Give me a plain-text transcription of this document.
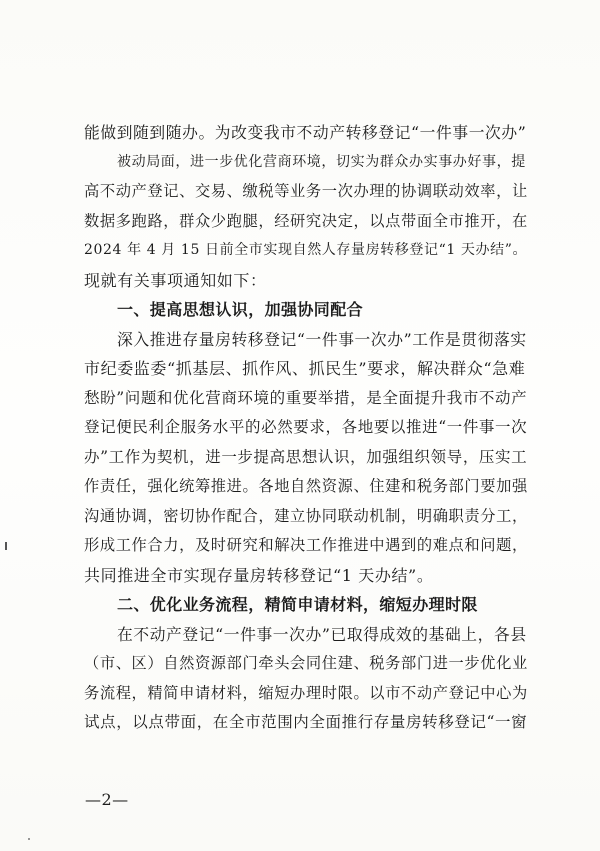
能做到随到随办。为改变我市不动产转移登记“一件事一次办”
被动局面，进一步优化营商环境，切实为群众办实事办好事，提
高不动产登记、交易、缴税等业务一次办理的协调联动效率，让
数据多跑路，群众少跑腿，经研究决定，以点带面全市推开，在
2024 年 4 月 15 日前全市实现自然人存量房转移登记“1 天办结”。
现就有关事项通知如下：
一、提高思想认识，加强协同配合
深入推进存量房转移登记“一件事一次办”工作是贯彻落实
市纪委监委“抓基层、抓作风、抓民生”要求，解决群众“急难
愁盼”问题和优化营商环境的重要举措，是全面提升我市不动产
登记便民利企服务水平的必然要求，各地要以推进“一件事一次
办”工作为契机，进一步提高思想认识，加强组织领导，压实工
作责任，强化统筹推进。各地自然资源、住建和税务部门要加强
沟通协调，密切协作配合，建立协同联动机制，明确职责分工，
形成工作合力，及时研究和解决工作推进中遇到的难点和问题，
共同推进全市实现存量房转移登记“1 天办结”。
二、优化业务流程，精简申请材料，缩短办理时限
在不动产登记“一件事一次办”已取得成效的基础上，各县
（市、区）自然资源部门牵头会同住建、税务部门进一步优化业
务流程，精简申请材料，缩短办理时限。以市不动产登记中心为
试点，以点带面，在全市范围内全面推行存量房转移登记“一窗
—2—
